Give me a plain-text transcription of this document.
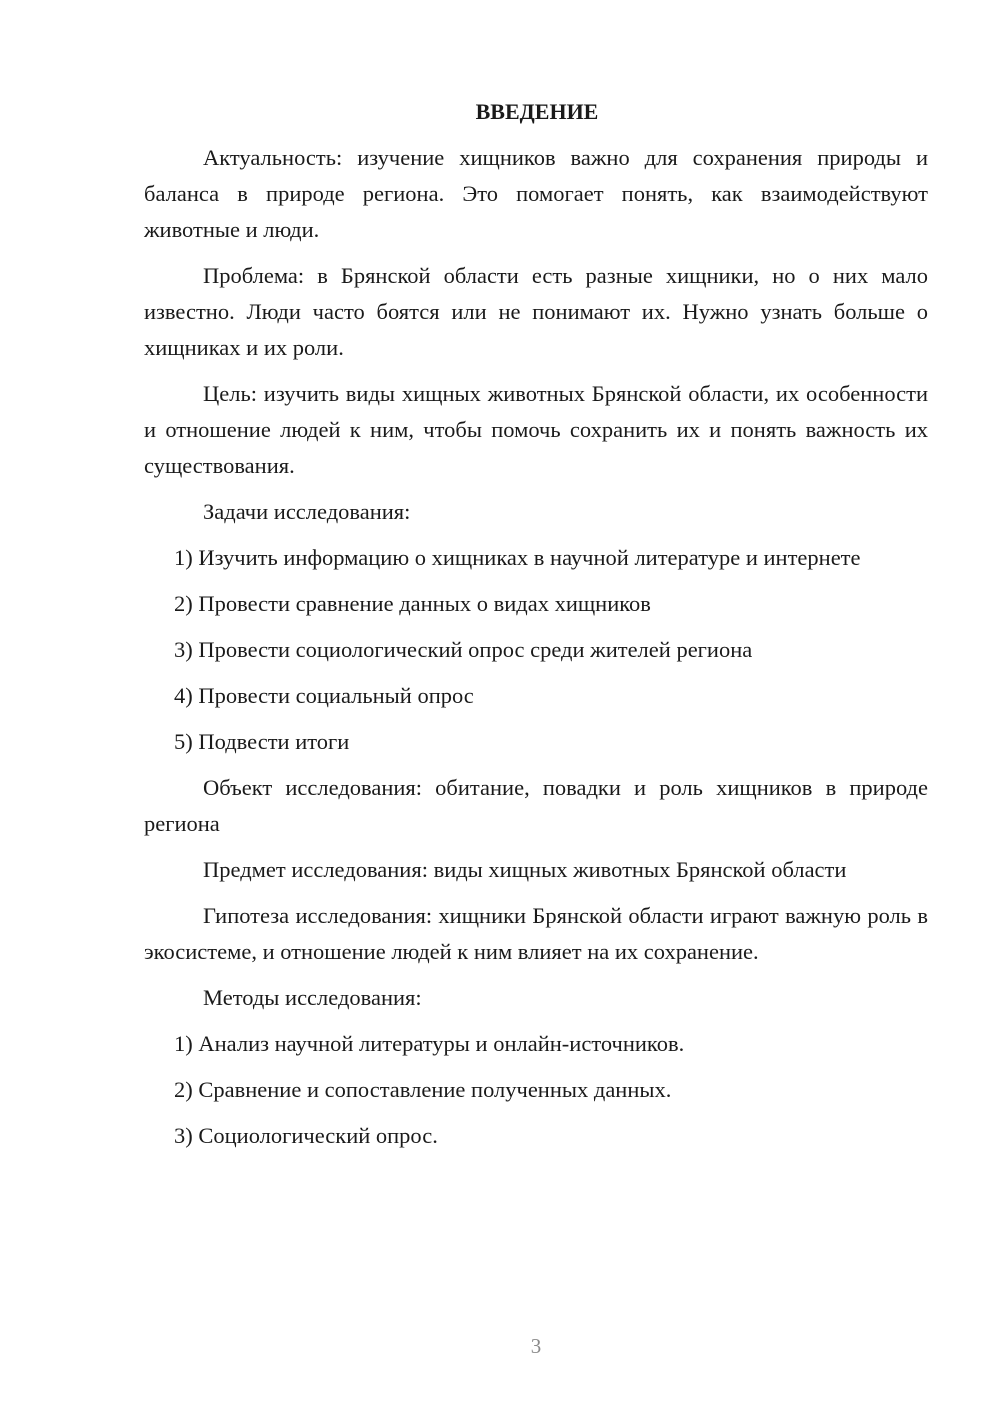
ВВЕДЕНИЕ

Актуальность: изучение хищников важно для сохранения природы и баланса в природе региона. Это помогает понять, как взаимодействуют животные и люди.

Проблема: в Брянской области есть разные хищники, но о них мало известно. Люди часто боятся или не понимают их. Нужно узнать больше о хищниках и их роли.

Цель: изучить виды хищных животных Брянской области, их особенности и отношение людей к ним, чтобы помочь сохранить их и понять важность их существования.

Задачи исследования:

1) Изучить информацию о хищниках в научной литературе и интернете

2) Провести сравнение данных о видах хищников

3) Провести социологический опрос среди жителей региона

4) Провести социальный опрос

5) Подвести итоги

Объект исследования: обитание, повадки и роль хищников в природе региона

Предмет исследования: виды хищных животных Брянской области

Гипотеза исследования: хищники Брянской области играют важную роль в экосистеме, и отношение людей к ним влияет на их сохранение.

Методы исследования:

1) Анализ научной литературы и онлайн-источников.

2) Сравнение и сопоставление полученных данных.

3) Социологический опрос.

3
